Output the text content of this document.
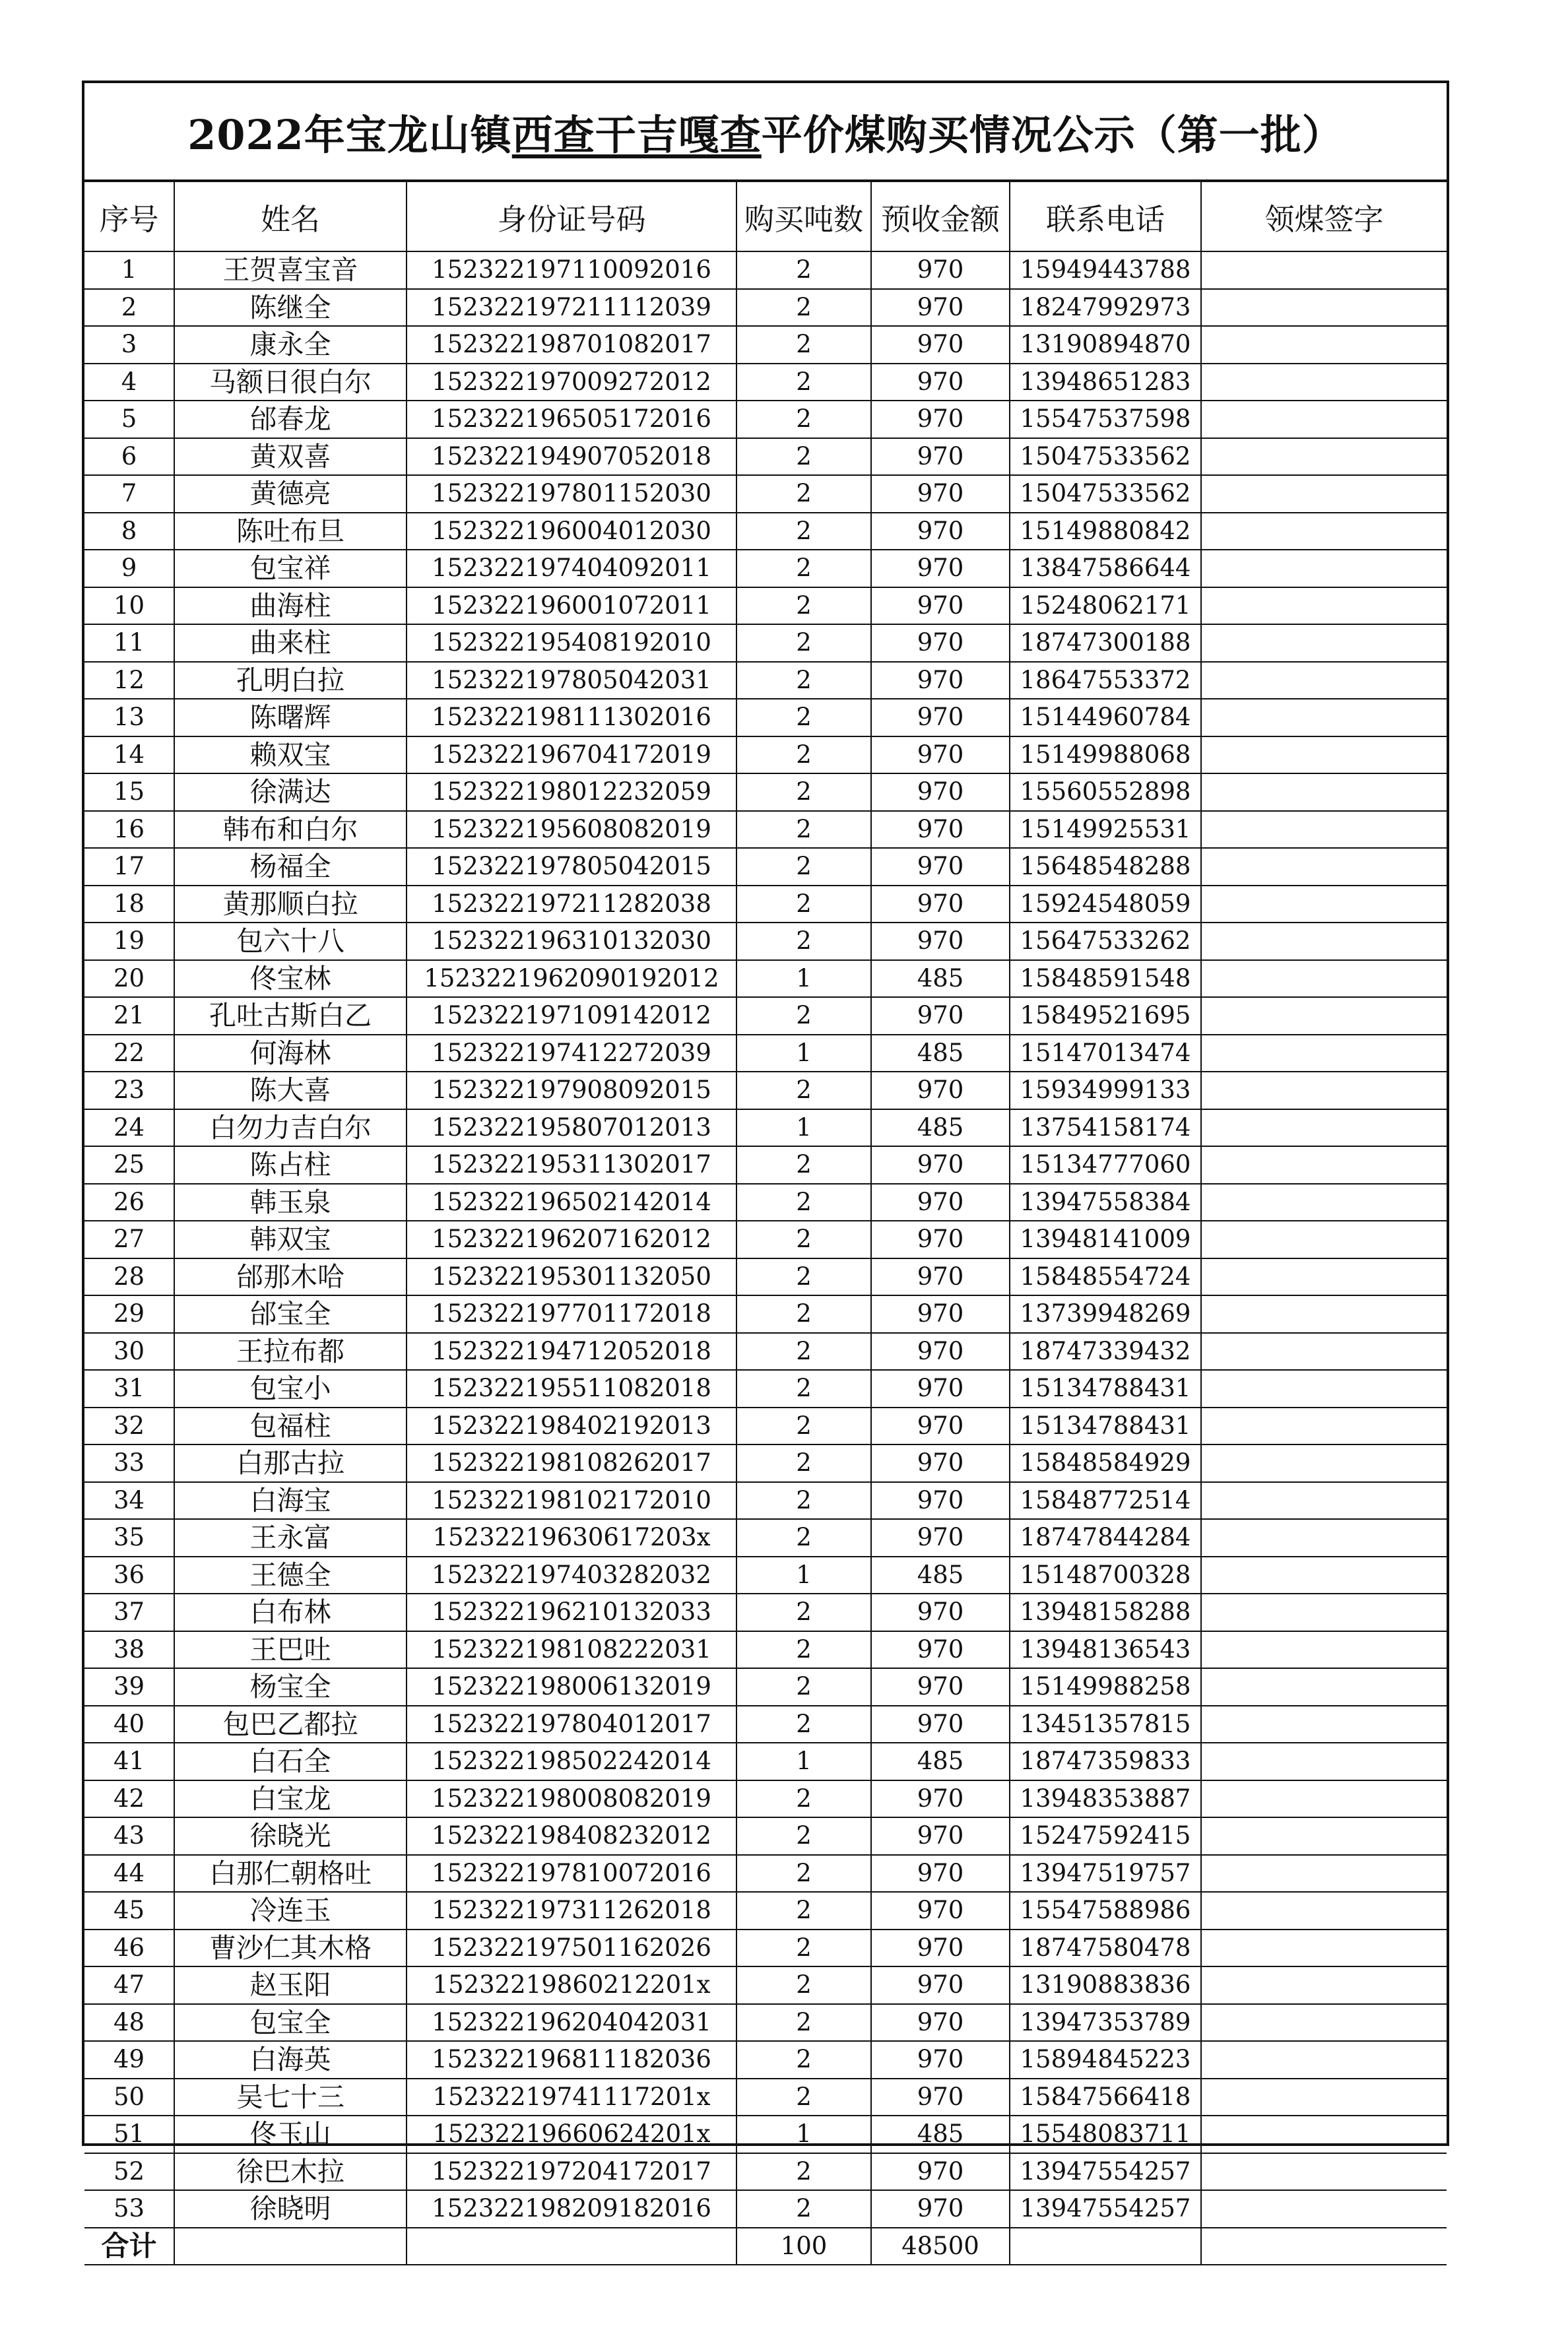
2022年宝龙山镇 西查干吉嘎查 平价煤购买情况公示（第一批）
序号	姓名	身份证号码	购买吨数	预收金额	联系电话	领煤签字
1	王贺喜宝音	152322197110092016	2	970	15949443788	
2	陈继全	152322197211112039	2	970	18247992973	
3	康永全	152322198701082017	2	970	13190894870	
4	马额日很白尔	152322197009272012	2	970	13948651283	
5	邰春龙	152322196505172016	2	970	15547537598	
6	黄双喜	152322194907052018	2	970	15047533562	
7	黄德亮	152322197801152030	2	970	15047533562	
8	陈吐布旦	152322196004012030	2	970	15149880842	
9	包宝祥	152322197404092011	2	970	13847586644	
10	曲海柱	152322196001072011	2	970	15248062171	
11	曲来柱	152322195408192010	2	970	18747300188	
12	孔明白拉	152322197805042031	2	970	18647553372	
13	陈曙辉	152322198111302016	2	970	15144960784	
14	赖双宝	152322196704172019	2	970	15149988068	
15	徐满达	152322198012232059	2	970	15560552898	
16	韩布和白尔	152322195608082019	2	970	15149925531	
17	杨福全	152322197805042015	2	970	15648548288	
18	黄那顺白拉	152322197211282038	2	970	15924548059	
19	包六十八	152322196310132030	2	970	15647533262	
20	佟宝林	1523221962090192012	1	485	15848591548	
21	孔吐古斯白乙	152322197109142012	2	970	15849521695	
22	何海林	152322197412272039	1	485	15147013474	
23	陈大喜	152322197908092015	2	970	15934999133	
24	白勿力吉白尔	152322195807012013	1	485	13754158174	
25	陈占柱	152322195311302017	2	970	15134777060	
26	韩玉泉	152322196502142014	2	970	13947558384	
27	韩双宝	152322196207162012	2	970	13948141009	
28	邰那木哈	152322195301132050	2	970	15848554724	
29	邰宝全	152322197701172018	2	970	13739948269	
30	王拉布都	152322194712052018	2	970	18747339432	
31	包宝小	152322195511082018	2	970	15134788431	
32	包福柱	152322198402192013	2	970	15134788431	
33	白那古拉	152322198108262017	2	970	15848584929	
34	白海宝	152322198102172010	2	970	15848772514	
35	王永富	15232219630617203x	2	970	18747844284	
36	王德全	152322197403282032	1	485	15148700328	
37	白布林	152322196210132033	2	970	13948158288	
38	王巴吐	152322198108222031	2	970	13948136543	
39	杨宝全	152322198006132019	2	970	15149988258	
40	包巴乙都拉	152322197804012017	2	970	13451357815	
41	白石全	152322198502242014	1	485	18747359833	
42	白宝龙	152322198008082019	2	970	13948353887	
43	徐晓光	152322198408232012	2	970	15247592415	
44	白那仁朝格吐	152322197810072016	2	970	13947519757	
45	冷连玉	152322197311262018	2	970	15547588986	
46	曹沙仁其木格	152322197501162026	2	970	18747580478	
47	赵玉阳	15232219860212201x	2	970	13190883836	
48	包宝全	152322196204042031	2	970	13947353789	
49	白海英	152322196811182036	2	970	15894845223	
50	吴七十三	15232219741117201x	2	970	15847566418	
51	佟玉山	15232219660624201x	1	485	15548083711	
52	徐巴木拉	152322197204172017	2	970	13947554257	
53	徐晓明	152322198209182016	2	970	13947554257	
合计			100	48500		
